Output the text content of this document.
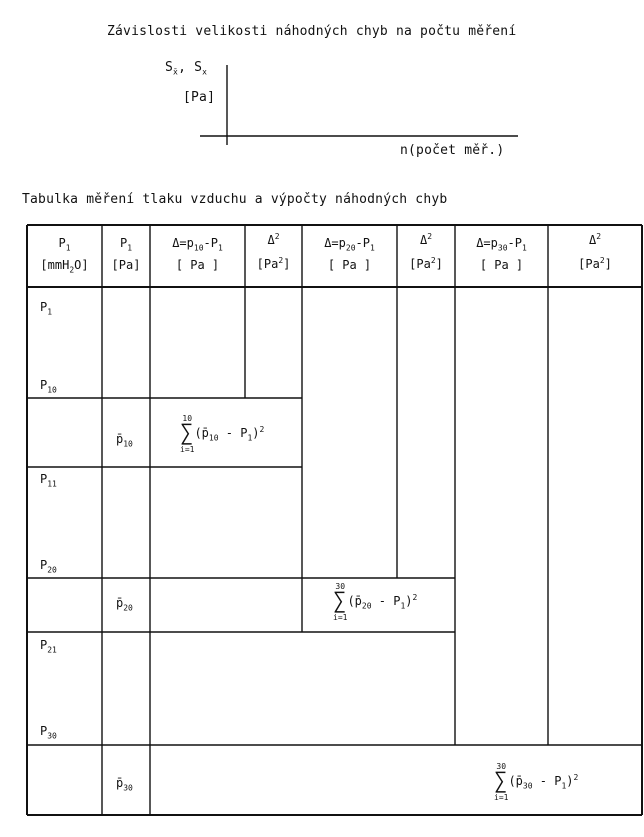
Závislosti velikosti náhodných chyb na počtu měření
$S_{x̄}$, $S_x$
[Pa]
n(počet měř.)
Tabulka měření tlaku vzduchu a výpočty náhodných chyb
$P_1$
[mmH$_2$O]
$P_1$
[Pa]
$\Delta=p_{10}-P_1$
[ Pa ]
$\Delta^2$
[Pa$^2$]
$\Delta=p_{20}-P_1$
[ Pa ]
$\Delta^2$
[Pa$^2$]
$\Delta=p_{30}-P_1$
[ Pa ]
$\Delta^2$
[Pa$^2$]
$P_1$
$P_{10}$
$P_{11}$
$P_{20}$
$P_{21}$
$P_{30}$
$p̄_{10}$
$p̄_{20}$
$p̄_{30}$
10
∑
i=1
$(p̄_{10} - P_1)^2$
30
∑
i=1
$(p̄_{20} - P_1)^2$
30
∑
i=1
$(p̄_{30} - P_1)^2$
